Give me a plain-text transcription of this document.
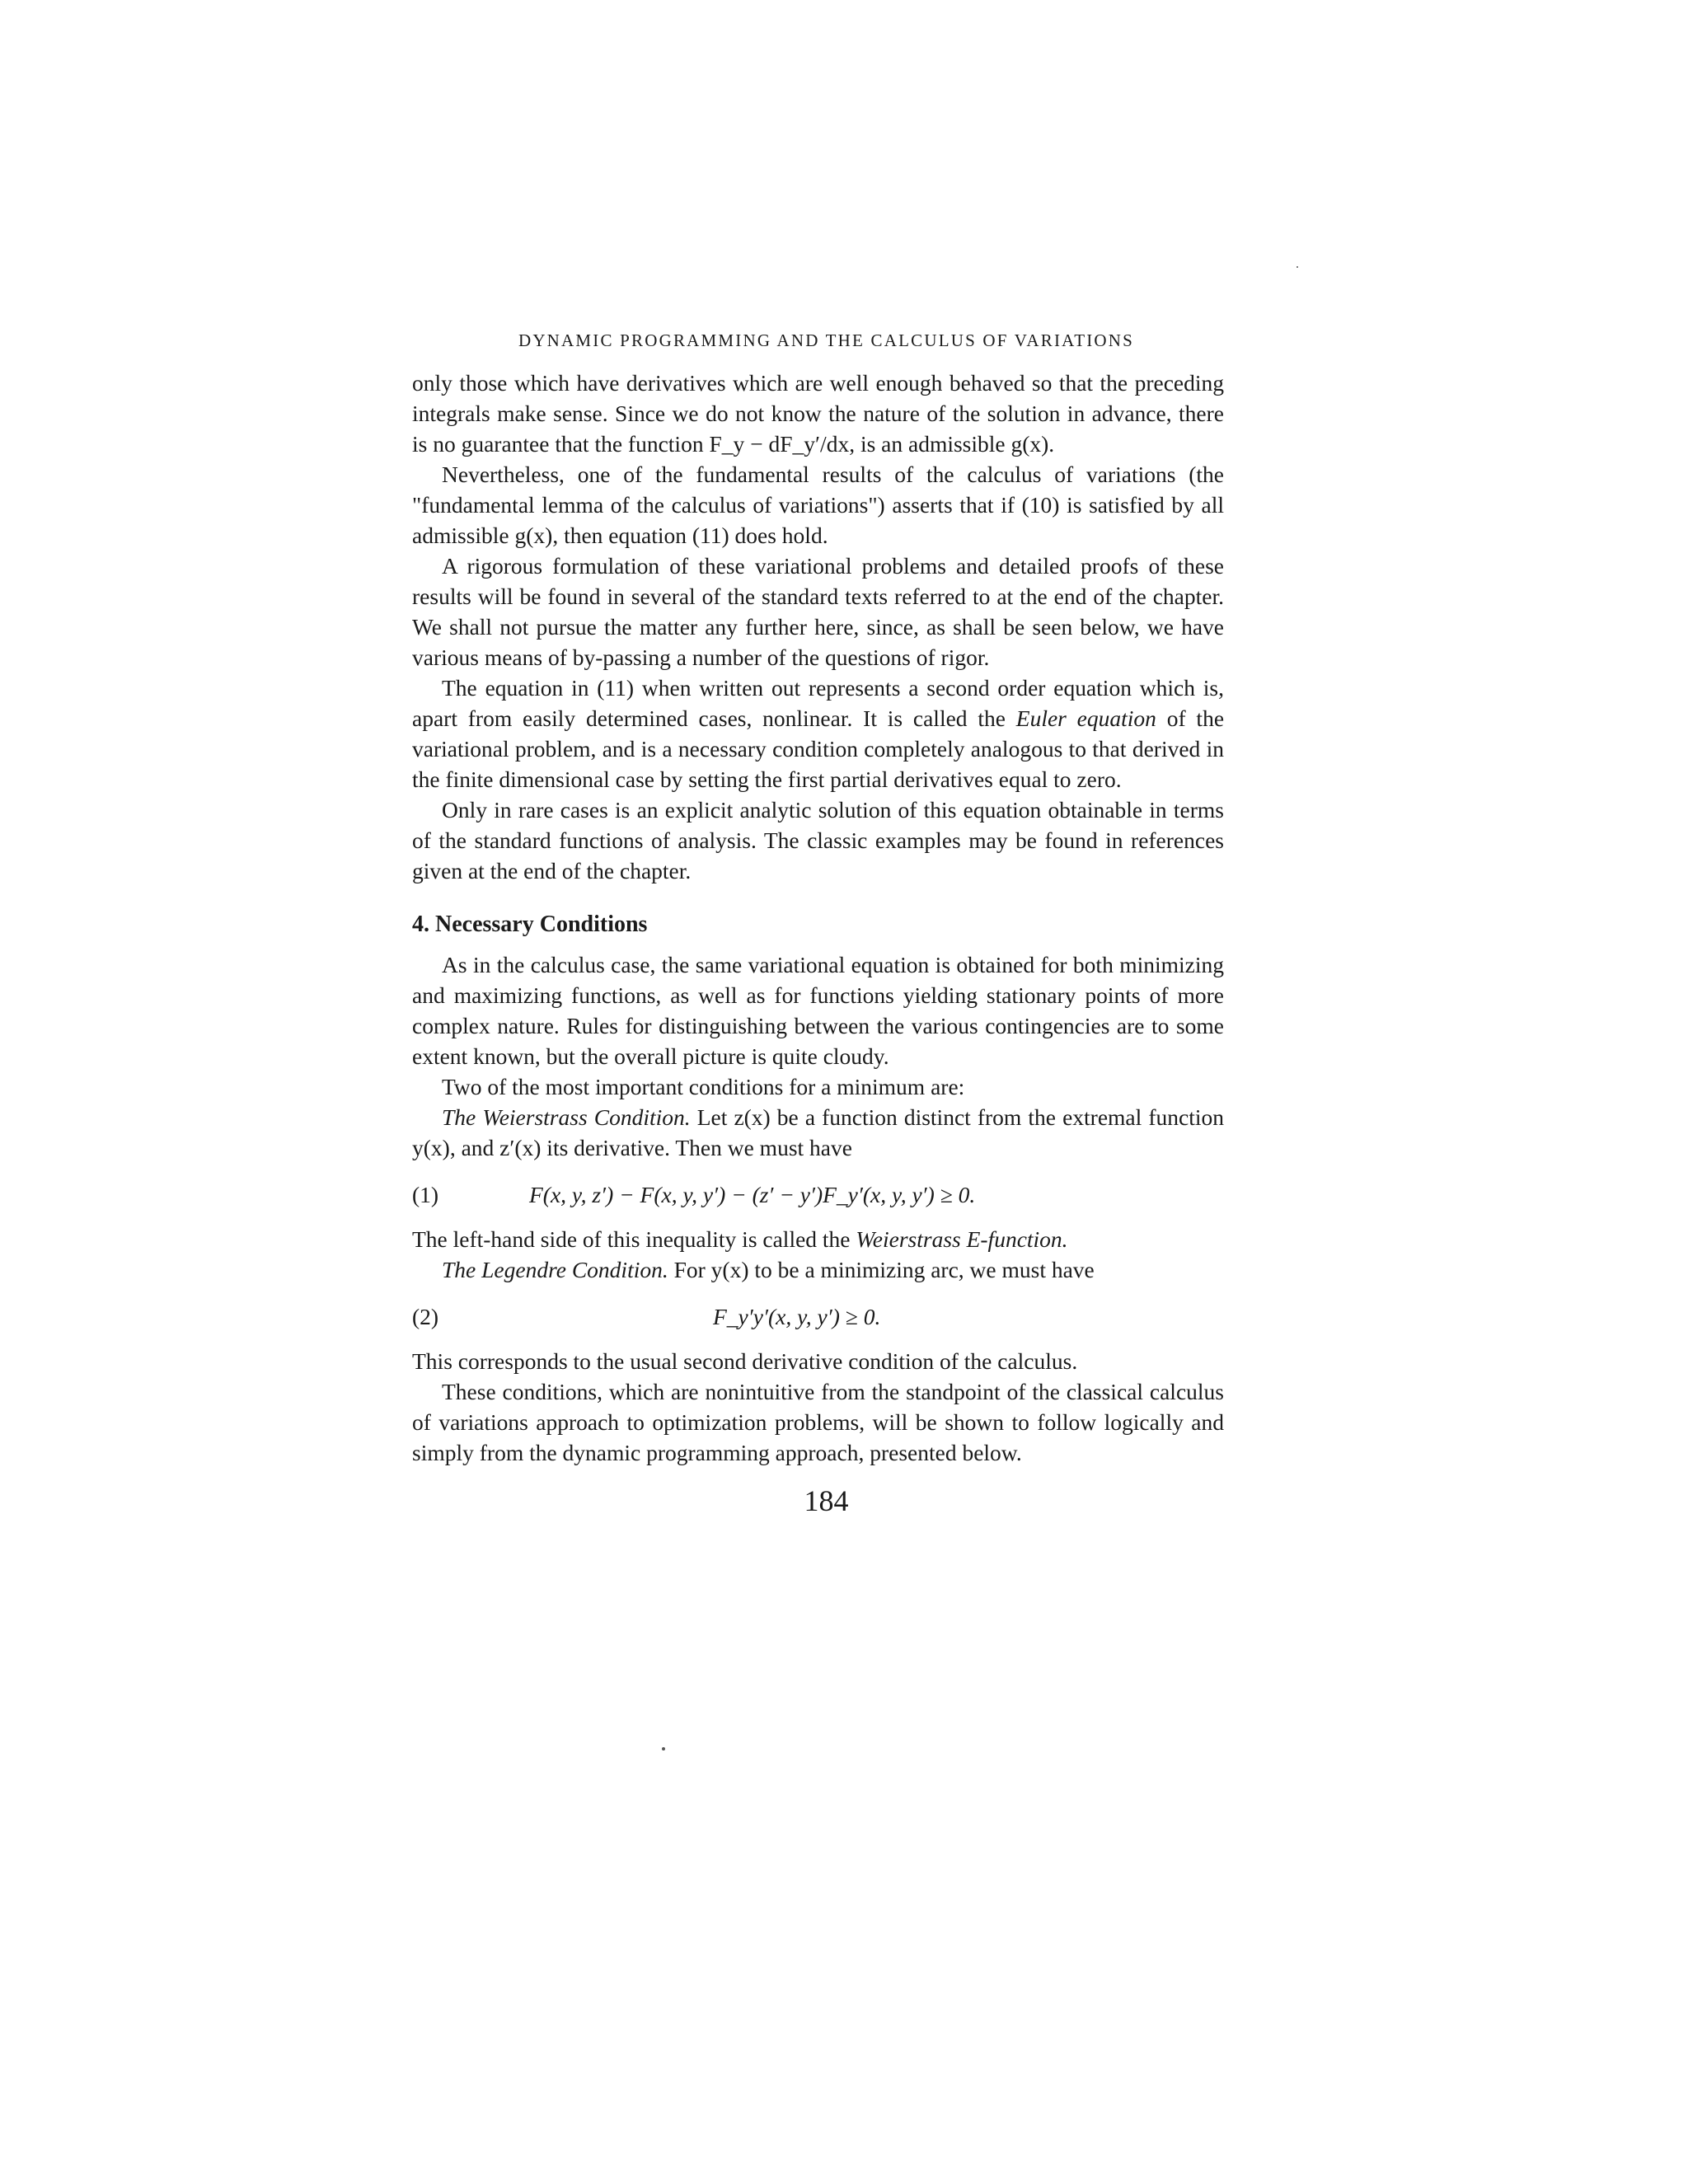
DYNAMIC PROGRAMMING AND THE CALCULUS OF VARIATIONS

only those which have derivatives which are well enough behaved so that the preceding integrals make sense. Since we do not know the nature of the solution in advance, there is no guarantee that the function F_y − dF_y′/dx, is an admissible g(x).

Nevertheless, one of the fundamental results of the calculus of variations (the "fundamental lemma of the calculus of variations") asserts that if (10) is satisfied by all admissible g(x), then equation (11) does hold.

A rigorous formulation of these variational problems and detailed proofs of these results will be found in several of the standard texts referred to at the end of the chapter. We shall not pursue the matter any further here, since, as shall be seen below, we have various means of by-passing a number of the questions of rigor.

The equation in (11) when written out represents a second order equation which is, apart from easily determined cases, nonlinear. It is called the Euler equation of the variational problem, and is a necessary condition completely analogous to that derived in the finite dimensional case by setting the first partial derivatives equal to zero.

Only in rare cases is an explicit analytic solution of this equation obtainable in terms of the standard functions of analysis. The classic examples may be found in references given at the end of the chapter.

4. Necessary Conditions

As in the calculus case, the same variational equation is obtained for both minimizing and maximizing functions, as well as for functions yielding stationary points of more complex nature. Rules for distinguishing between the various contingencies are to some extent known, but the overall picture is quite cloudy.

Two of the most important conditions for a minimum are:

The Weierstrass Condition. Let z(x) be a function distinct from the extremal function y(x), and z′(x) its derivative. Then we must have

(1)	F(x, y, z′) − F(x, y, y′) − (z′ − y′)F_y′(x, y, y′) ≥ 0.

The left-hand side of this inequality is called the Weierstrass E-function.

The Legendre Condition. For y(x) to be a minimizing arc, we must have

(2)	F_y′y′(x, y, y′) ≥ 0.

This corresponds to the usual second derivative condition of the calculus.

These conditions, which are nonintuitive from the standpoint of the classical calculus of variations approach to optimization problems, will be shown to follow logically and simply from the dynamic programming approach, presented below.

184
